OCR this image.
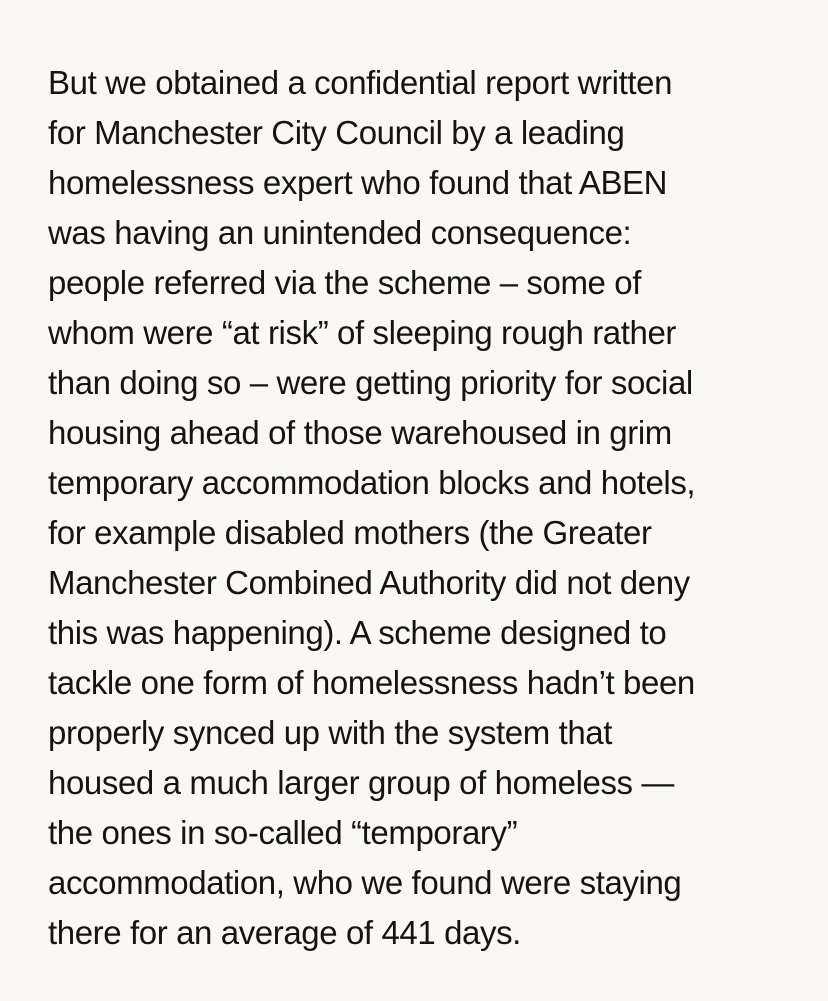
But we obtained a confidential report written
for Manchester City Council by a leading
homelessness expert who found that ABEN
was having an unintended consequence:
people referred via the scheme – some of
whom were “at risk” of sleeping rough rather
than doing so – were getting priority for social
housing ahead of those warehoused in grim
temporary accommodation blocks and hotels,
for example disabled mothers (the Greater
Manchester Combined Authority did not deny
this was happening). A scheme designed to
tackle one form of homelessness hadn’t been
properly synced up with the system that
housed a much larger group of homeless —
the ones in so-called “temporary”
accommodation, who we found were staying
there for an average of 441 days.
